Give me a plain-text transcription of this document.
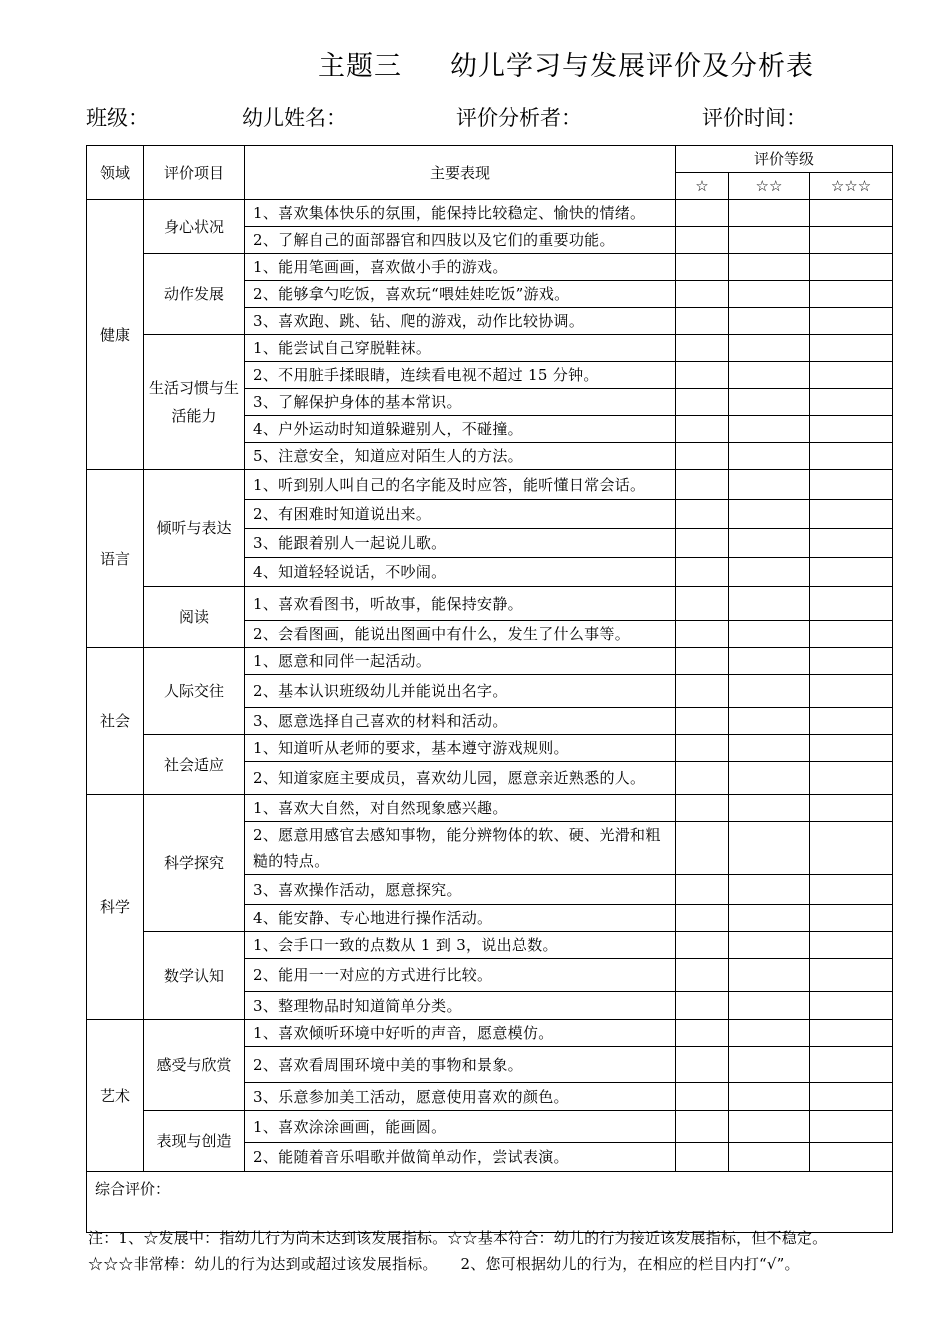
主题三 幼儿学习与发展评价及分析表
班级：	幼儿姓名：	评价分析者：	评价时间：
领域	评价项目	主要表现	评价等级		
			☆	☆☆	☆☆☆
健康	身心状况	1、喜欢集体快乐的氛围，能保持比较稳定、愉快的情绪。			
		2、了解自己的面部器官和四肢以及它们的重要功能。			
	动作发展	1、能用笔画画，喜欢做小手的游戏。			
		2、能够拿勺吃饭，喜欢玩“喂娃娃吃饭”游戏。			
		3、喜欢跑、跳、钻、爬的游戏，动作比较协调。			
	生活习惯与生活能力	1、能尝试自己穿脱鞋袜。			
		2、不用脏手揉眼睛，连续看电视不超过 15 分钟。			
		3、了解保护身体的基本常识。			
		4、户外运动时知道躲避别人，不碰撞。			
		5、注意安全，知道应对陌生人的方法。			
语言	倾听与表达	1、听到别人叫自己的名字能及时应答，能听懂日常会话。			
		2、有困难时知道说出来。			
		3、能跟着别人一起说儿歌。			
		4、知道轻轻说话，不吵闹。			
	阅读	1、喜欢看图书，听故事，能保持安静。			
		2、会看图画，能说出图画中有什么，发生了什么事等。			
社会	人际交往	1、愿意和同伴一起活动。			
		2、基本认识班级幼儿并能说出名字。			
		3、愿意选择自己喜欢的材料和活动。			
	社会适应	1、知道听从老师的要求，基本遵守游戏规则。			
		2、知道家庭主要成员，喜欢幼儿园，愿意亲近熟悉的人。			
科学	科学探究	1、喜欢大自然，对自然现象感兴趣。			
		2、愿意用感官去感知事物，能分辨物体的软、硬、光滑和粗糙的特点。			
		3、喜欢操作活动，愿意探究。			
		4、能安静、专心地进行操作活动。			
	数学认知	1、会手口一致的点数从 1 到 3，说出总数。			
		2、能用一一对应的方式进行比较。			
		3、整理物品时知道简单分类。			
艺术	感受与欣赏	1、喜欢倾听环境中好听的声音，愿意模仿。			
		2、喜欢看周围环境中美的事物和景象。			
		3、乐意参加美工活动，愿意使用喜欢的颜色。			
	表现与创造	1、喜欢涂涂画画，能画圆。			
		2、能随着音乐唱歌并做简单动作，尝试表演。			
综合评价：					
注：1、☆发展中：指幼儿行为尚未达到该发展指标。☆☆基本符合：幼儿的行为接近该发展指标，但不稳定。
☆☆☆非常棒：幼儿的行为达到或超过该发展指标。　　2、您可根据幼儿的行为，在相应的栏目内打“√”。
